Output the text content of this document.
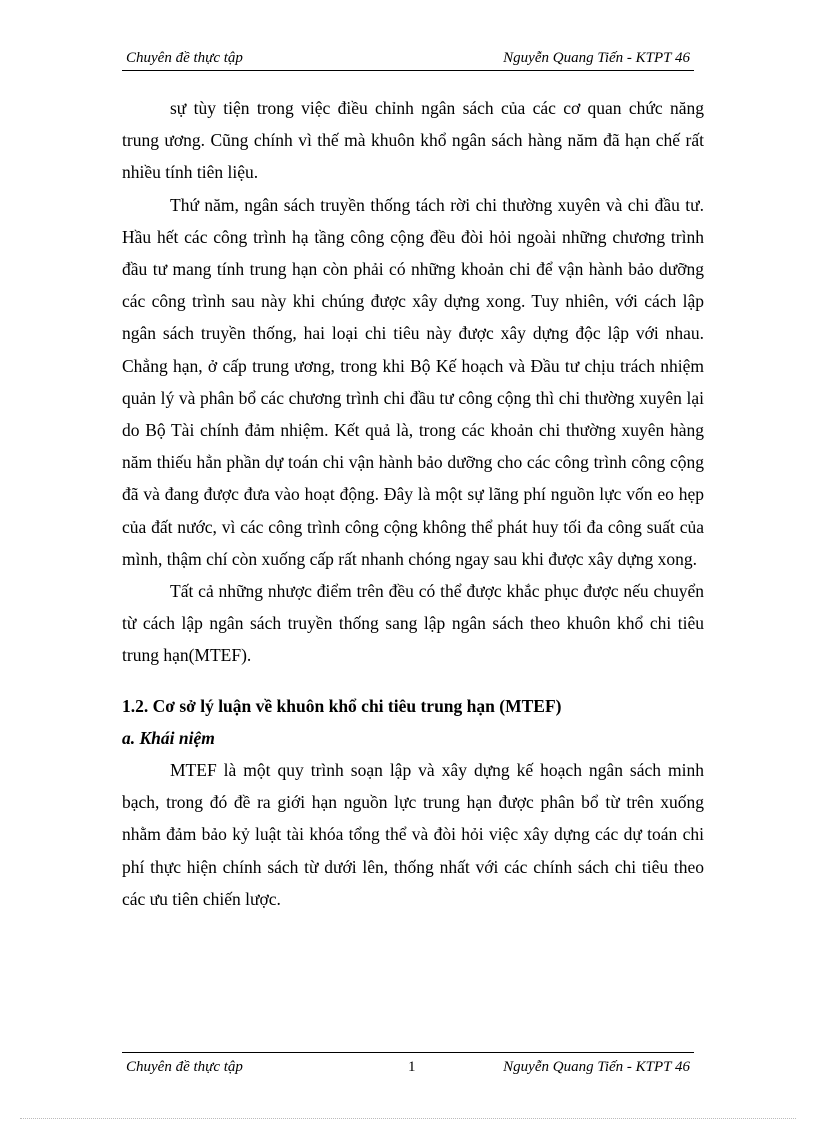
Chuyên đề thực tập	Nguyễn Quang Tiến - KTPT 46

sự tùy tiện trong việc điều chỉnh ngân sách của các cơ quan chức năng trung ương. Cũng chính vì thế mà khuôn khổ ngân sách hàng năm đã hạn chế rất nhiều tính tiên liệu.

Thứ năm, ngân sách truyền thống tách rời chi thường xuyên và chi đầu tư. Hầu hết các công trình hạ tầng công cộng đều đòi hỏi ngoài những chương trình đầu tư mang tính trung hạn còn phải có những khoản chi để vận hành bảo dưỡng các công trình sau này khi chúng được xây dựng xong. Tuy nhiên, với cách lập ngân sách truyền thống, hai loại chi tiêu này được xây dựng độc lập với nhau. Chẳng hạn, ở cấp trung ương, trong khi Bộ Kế hoạch và Đầu tư chịu trách nhiệm quản lý và phân bổ các chương trình chi đầu tư công cộng thì chi thường xuyên lại do Bộ Tài chính đảm nhiệm. Kết quả là, trong các khoản chi thường xuyên hàng năm thiếu hẳn phần dự toán chi vận hành bảo dưỡng cho các công trình công cộng đã và đang được đưa vào hoạt động. Đây là một sự lãng phí nguồn lực vốn eo hẹp của đất nước, vì các công trình công cộng không thể phát huy tối đa công suất của mình, thậm chí còn xuống cấp rất nhanh chóng ngay sau khi được xây dựng xong.

Tất cả những nhược điểm trên đều có thể được khắc phục được nếu chuyển từ cách lập ngân sách truyền thống sang lập ngân sách theo khuôn khổ chi tiêu trung hạn(MTEF).

1.2. Cơ sở lý luận về khuôn khổ chi tiêu trung hạn (MTEF)
a. Khái niệm

MTEF là một quy trình soạn lập và xây dựng kế hoạch ngân sách minh bạch, trong đó đề ra giới hạn nguồn lực trung hạn được phân bổ từ trên xuống nhằm đảm bảo kỷ luật tài khóa tổng thể và đòi hỏi việc xây dựng các dự toán chi phí thực hiện chính sách từ dưới lên, thống nhất với các chính sách chi tiêu theo các ưu tiên chiến lược.

Chuyên đề thực tập	1	Nguyễn Quang Tiến - KTPT 46
